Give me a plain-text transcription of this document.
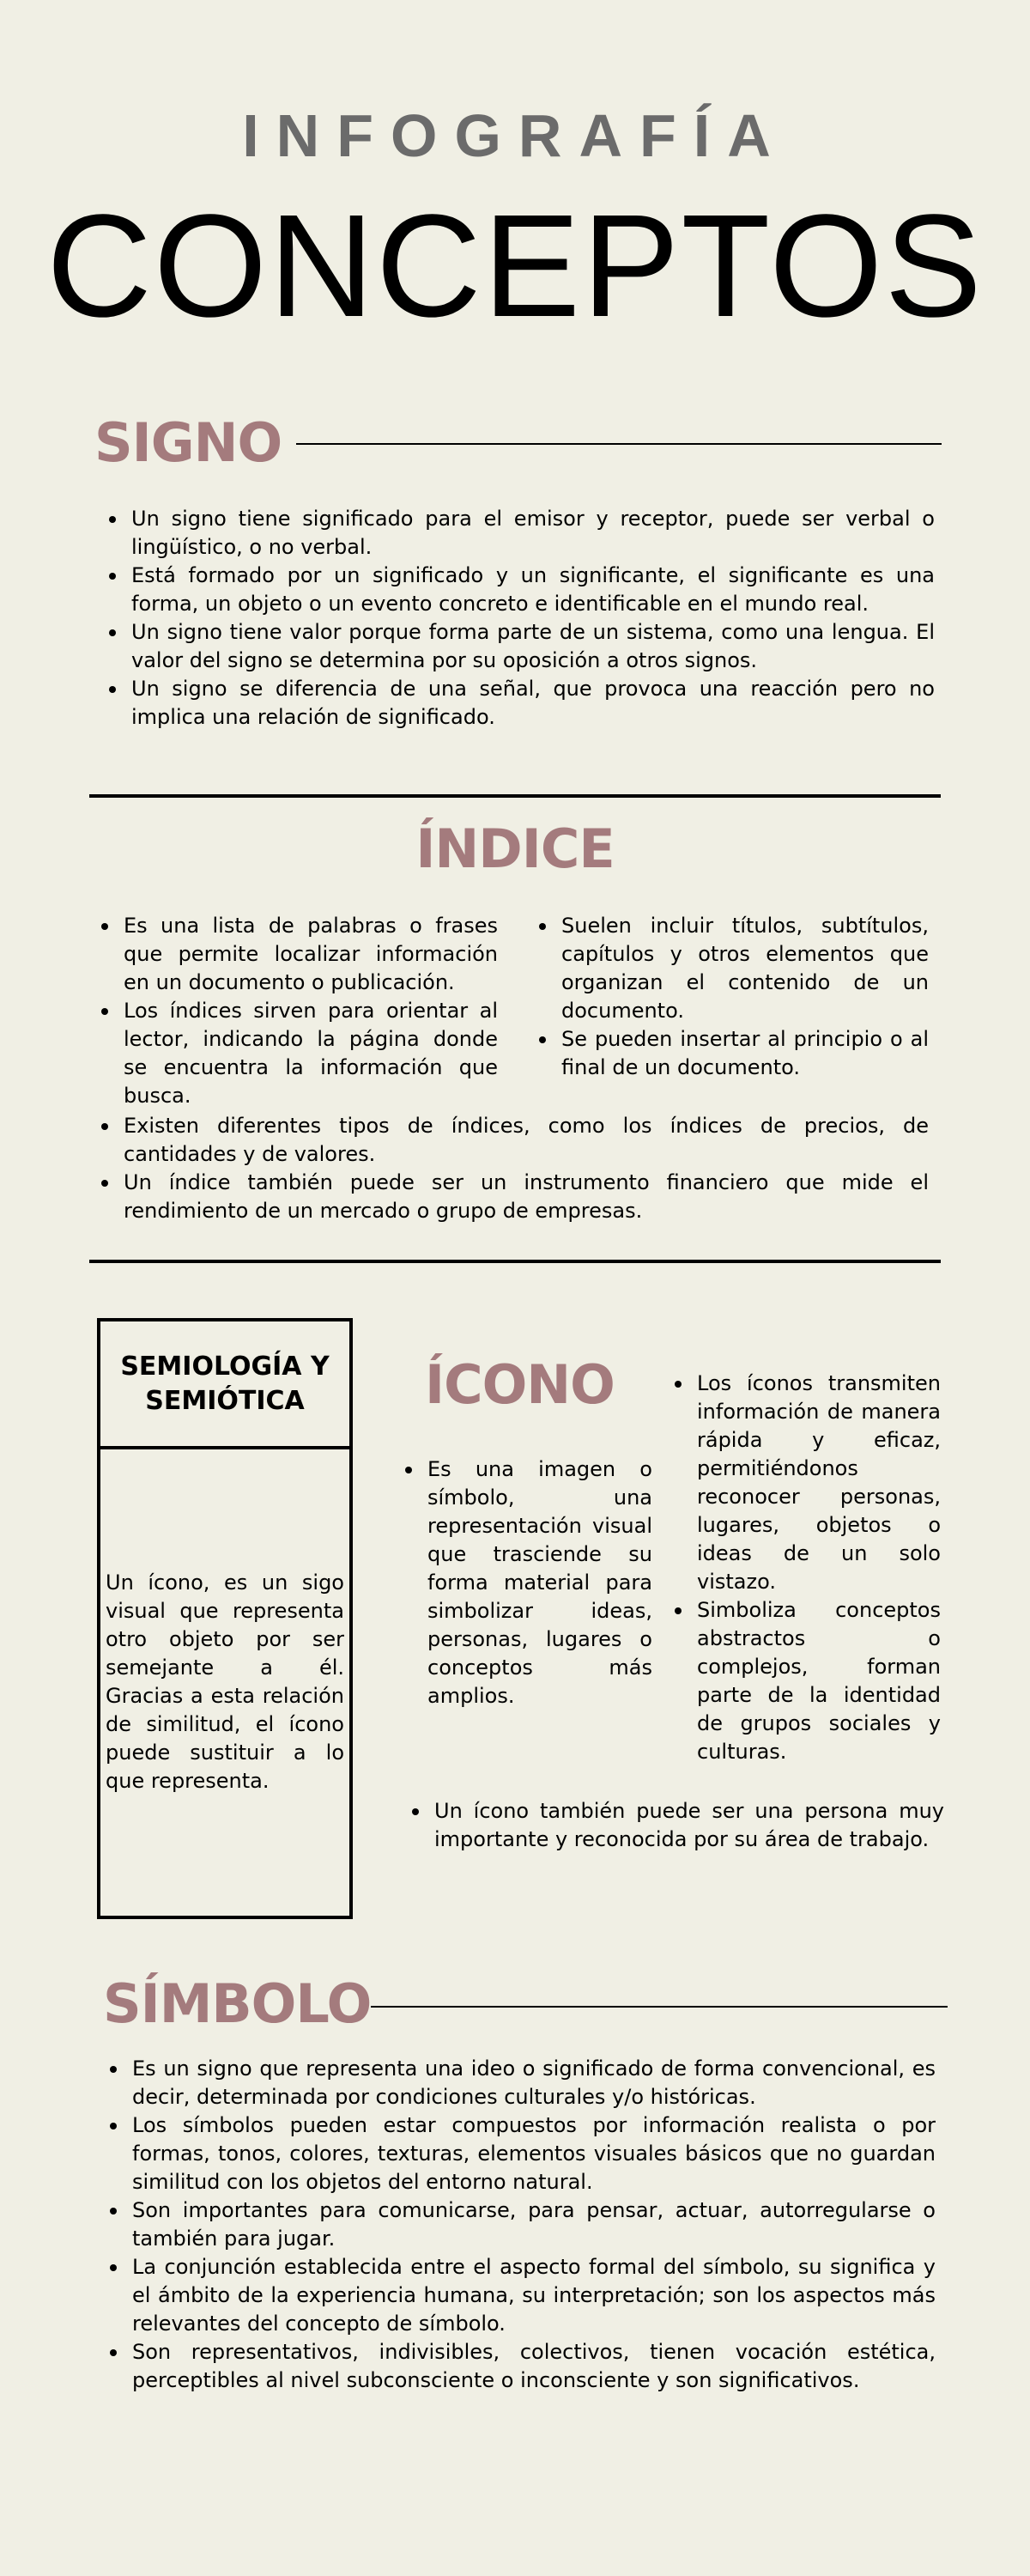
INFOGRAFÍA
CONCEPTOS
SIGNO
Un signo tiene significado para el emisor y receptor, puede ser verbal o lingüístico, o no verbal.
Está formado por un significado y un significante, el significante es una forma, un objeto o un evento concreto e identificable en el mundo real.
Un signo tiene valor porque forma parte de un sistema, como una lengua. El valor del signo se determina por su oposición a otros signos.
Un signo se diferencia de una señal, que provoca una reacción pero no implica una relación de significado.
ÍNDICE
Es una lista de palabras o frases que permite localizar información en un documento o publicación.
Los índices sirven para orientar al lector, indicando la página donde se encuentra la información que busca.
Suelen incluir títulos, subtítulos, capítulos y otros elementos que organizan el contenido de un documento.
Se pueden insertar al principio o al final de un documento.
Existen diferentes tipos de índices, como los índices de precios, de cantidades y de valores.
Un índice también puede ser un instrumento financiero que mide el rendimiento de un mercado o grupo de empresas.
SEMIOLOGÍA Y SEMIÓTICA
Un ícono, es un sigo visual que representa otro objeto por ser semejante a él. Gracias a esta relación de similitud, el ícono puede sustituir a lo que representa.
ÍCONO
Es una imagen o símbolo, una representación visual que trasciende su forma material para simbolizar ideas, personas, lugares o conceptos más amplios.
Los íconos transmiten información de manera rápida y eficaz, permitiéndonos reconocer personas, lugares, objetos o ideas de un solo vistazo.
Simboliza conceptos abstractos o complejos, forman parte de la identidad de grupos sociales y culturas.
Un ícono también puede ser una persona muy importante y reconocida por su área de trabajo.
SÍMBOLO
Es un signo que representa una ideo o significado de forma convencional, es decir, determinada por condiciones culturales y/o históricas.
Los símbolos pueden estar compuestos por información realista o por formas, tonos, colores, texturas, elementos visuales básicos que no guardan similitud con los objetos del entorno natural.
Son importantes para comunicarse, para pensar, actuar, autorregularse o también para jugar.
La conjunción establecida entre el aspecto formal del símbolo, su significa y el ámbito de la experiencia humana, su interpretación; son los aspectos más relevantes del concepto de símbolo.
Son representativos, indivisibles, colectivos, tienen vocación estética, perceptibles al nivel subconsciente o inconsciente y son significativos.
